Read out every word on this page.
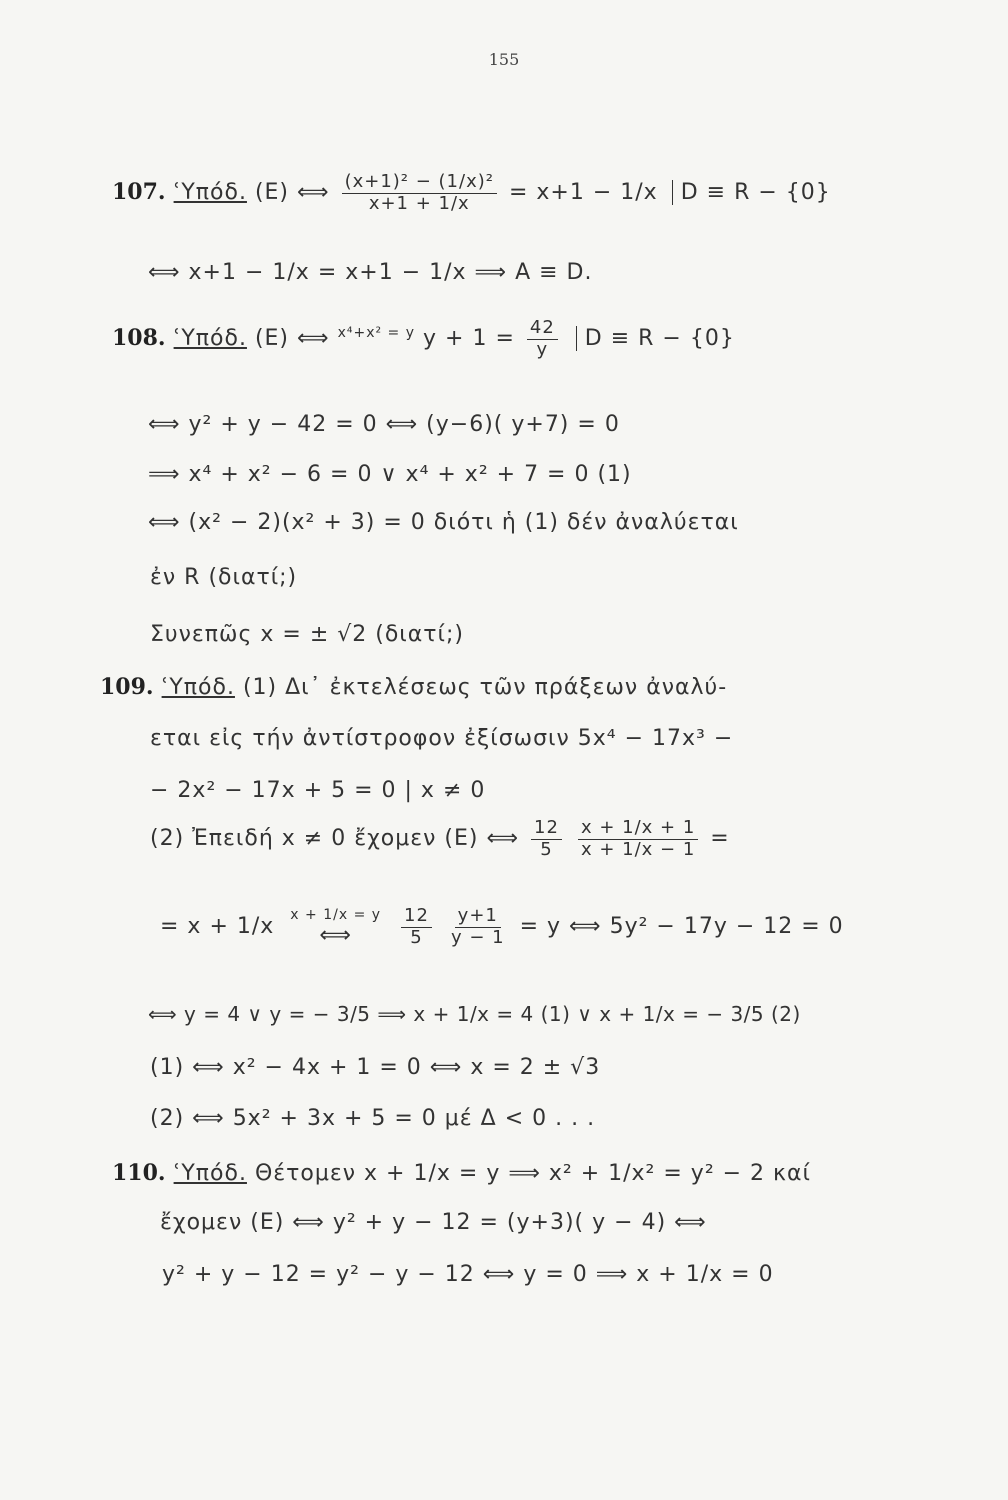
155
107. ʿΥπόδ. (Ε) ⟺ $\frac{\text{(x+1)² − (1/x)²}}{x+1 + 1/x} = x+1 - 1/x$ D ≡ R − {0}
⟺ x+1 − 1/x = x+1 − 1/x ⟹ A ≡ D.
108. ʿΥπόδ. (Ε) ⟺ $^{x^4+x^2 = y}$ $y + 1 = \frac{42}{y}$ D ≡ R − {0}
⟺ y² + y − 42 = 0 ⟺ (y−6)( y+7) = 0
⟹ x⁴ + x² − 6 = 0 ∨ x⁴ + x² + 7 = 0 (1)
⟺ (x² − 2)(x² + 3) = 0 διότι ἡ (1) δέν ἀναλύεται
ἐν R (διατί;)
Συνεπῶς x = ± √2 (διατί;)
109. ʿΥπόδ. (1) Δι᾿ ἐκτελέσεως τῶν πράξεων ἀναλύ-
εται εἰς τήν ἀντίστροφον ἐξίσωσιν 5x⁴ − 17x³ −
− 2x² − 17x + 5 = 0 | x ≠ 0
(2) Ἐπειδή x ≠ 0 ἔχομεν (Ε) ⟺ $\frac{12}{5}$
$\frac{x + 1/x + 1}{x + 1/x - 1}$ =
= x + 1/x x + 1/x = y
⟺
	$\frac{12}{5}$
$\frac{y+1}{y - 1} = y$ ⟺ 5y² − 17y − 12 = 0
⟺ y = 4 ∨ y = − 3/5 ⟹ x + 1/x = 4 (1) ∨ x + 1/x = − 3/5 (2)
(1) ⟺ x² − 4x + 1 = 0 ⟺ x = 2 ± √3
(2) ⟺ 5x² + 3x + 5 = 0 μέ Δ < 0 . . .
110. ʿΥπόδ. Θέτομεν x + 1/x = y ⟹ x² + 1/x² = y² − 2 καί
ἔχομεν (Ε) ⟺ y² + y − 12 = (y+3)( y − 4) ⟺
y² + y − 12 = y² − y − 12 ⟺ y = 0 ⟹ x + 1/x = 0
